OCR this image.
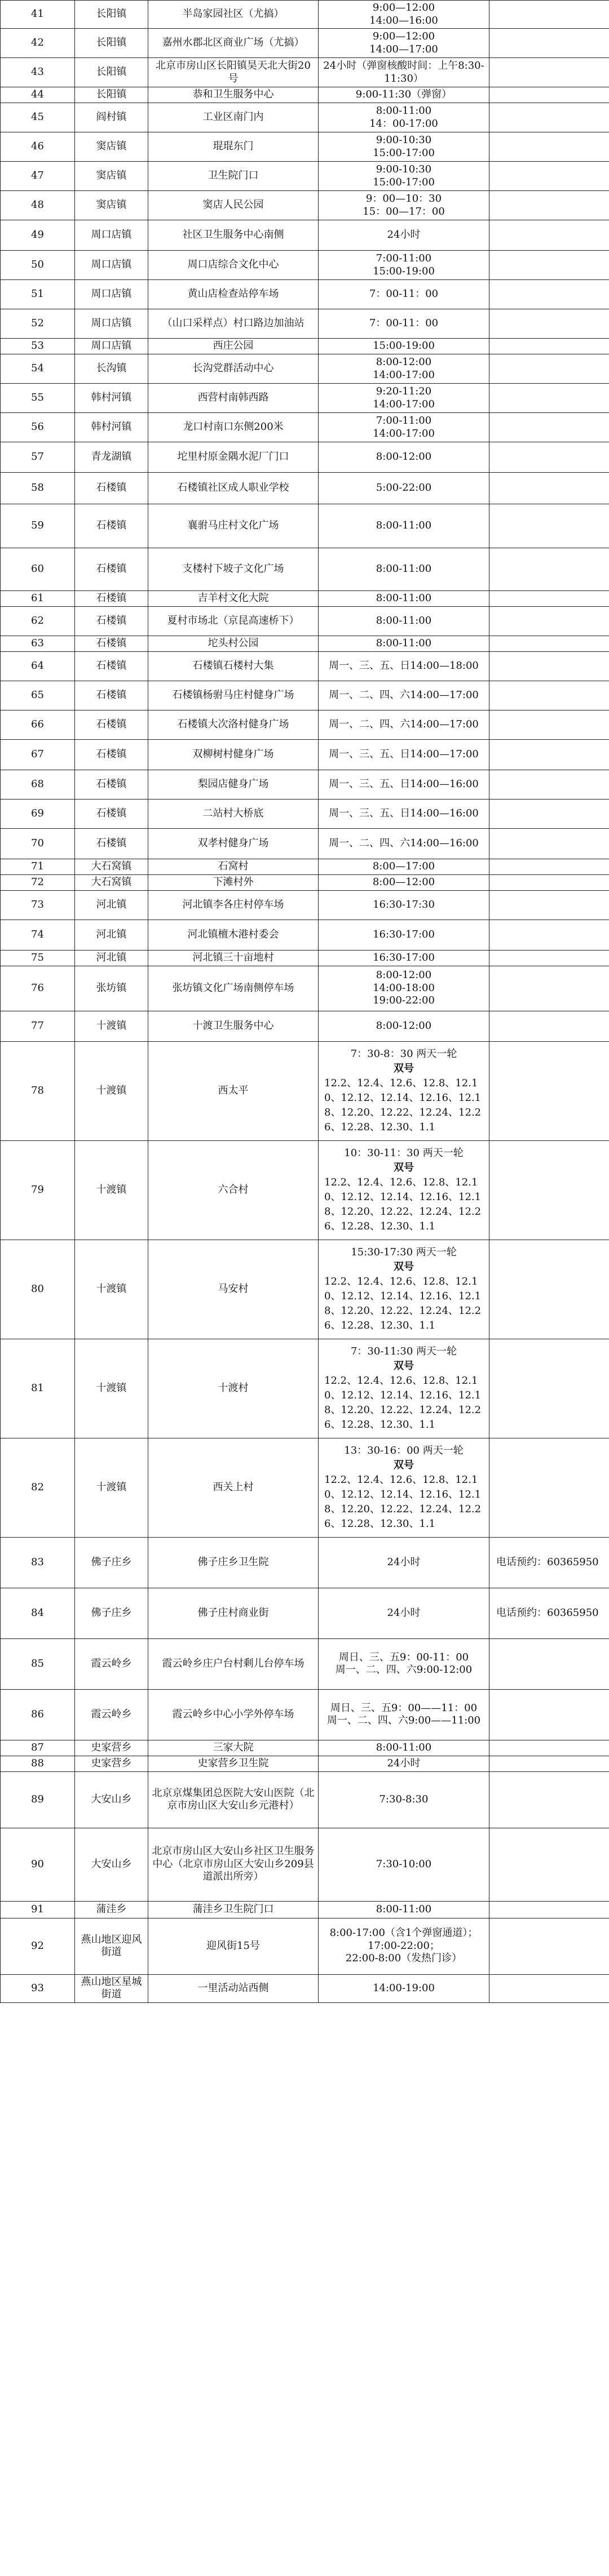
41	长阳镇	半岛家园社区（尤搞）	9:00—12:00
14:00—16:00	

42	长阳镇	嘉州水郡北区商业广场（尤搞）	9:00—12:00
14:00—17:00	

43	长阳镇	北京市房山区长阳镇昊天北大街20号	24小时（弹窗核酸时间：上午8:30-11:30）	

44	长阳镇	恭和卫生服务中心	9:00-11:30（弹窗）	

45	阎村镇	工业区南门内	8:00-11:00
14：00-17:00	

46	窦店镇	琨琨东门	9:00-10:30
15:00-17:00	

47	窦店镇	卫生院门口	9:00-10:30
15:00-17:00	

48	窦店镇	窦店人民公园	9：00—10：30
15：00—17：00	

49	周口店镇	社区卫生服务中心南侧	24小时	

50	周口店镇	周口店综合文化中心	7:00-11:00
15:00-19:00	

51	周口店镇	黄山店检查站停车场	7：00-11：00	

52	周口店镇	（山口采样点）村口路边加油站	7：00-11：00	

53	周口店镇	西庄公园	15:00-19:00	

54	长沟镇	长沟党群活动中心	8:00-12:00
14:00-17:00	

55	韩村河镇	西营村南韩西路	9:20-11:20
14:00-17:00	

56	韩村河镇	龙口村南口东侧200米	7:00-11:00
14:00-17:00	

57	青龙湖镇	坨里村原金隅水泥厂门口	8:00-12:00	

58	石楼镇	石楼镇社区成人职业学校	5:00-22:00	

59	石楼镇	襄驸马庄村文化广场	8:00-11:00	

60	石楼镇	支楼村下坡子文化广场	8:00-11:00	

61	石楼镇	吉羊村文化大院	8:00-11:00	

62	石楼镇	夏村市场北（京昆高速桥下）	8:00-11:00	

63	石楼镇	坨头村公园	8:00-11:00	

64	石楼镇	石楼镇石楼村大集	周一、三、五、日14:00—18:00	

65	石楼镇	石楼镇杨驸马庄村健身广场	周一、二、四、六14:00—17:00	

66	石楼镇	石楼镇大次洛村健身广场	周一、二、四、六14:00—17:00	

67	石楼镇	双柳树村健身广场	周一、三、五、日14:00—17:00	

68	石楼镇	梨园店健身广场	周一、三、五、日14:00—16:00	

69	石楼镇	二站村大桥底	周一、三、五、日14:00—16:00	

70	石楼镇	双孝村健身广场	周一、二、四、六14:00—16:00	

71	大石窝镇	石窝村	8:00—17:00	

72	大石窝镇	下滩村外	8:00—12:00	

73	河北镇	河北镇李各庄村停车场	16:30-17:30	

74	河北镇	河北镇檀木港村委会	16:30-17:00	

75	河北镇	河北镇三十亩地村	16:30-17:00	

76	张坊镇	张坊镇文化广场南侧停车场	8:00-12:00
14:00-18:00
19:00-22:00	

77	十渡镇	十渡卫生服务中心	8:00-12:00	

78	十渡镇	西太平	7：30-8：30 两天一轮
双号
12.2、12.4、12.6、12.8、12.10、12.12、12.14、12.16、12.18、12.20、12.22、12.24、12.26、12.28、12.30、1.1	

79	十渡镇	六合村	10：30-11：30 两天一轮
双号
12.2、12.4、12.6、12.8、12.10、12.12、12.14、12.16、12.18、12.20、12.22、12.24、12.26、12.28、12.30、1.1	

80	十渡镇	马安村	15:30-17:30 两天一轮
双号
12.2、12.4、12.6、12.8、12.10、12.12、12.14、12.16、12.18、12.20、12.22、12.24、12.26、12.28、12.30、1.1	

81	十渡镇	十渡村	7：30-11:30 两天一轮
双号
12.2、12.4、12.6、12.8、12.10、12.12、12.14、12.16、12.18、12.20、12.22、12.24、12.26、12.28、12.30、1.1	

82	十渡镇	西关上村	13：30-16：00 两天一轮
双号
12.2、12.4、12.6、12.8、12.10、12.12、12.14、12.16、12.18、12.20、12.22、12.24、12.26、12.28、12.30、1.1	

83	佛子庄乡	佛子庄乡卫生院	24小时	电话预约：60365950
84	佛子庄乡	佛子庄村商业街	24小时	电话预约：60365950
85	霞云岭乡	霞云岭乡庄户台村剩儿台停车场	周日、三、五9：00-11：00
周一、二、四、六9:00-12:00	

86	霞云岭乡	霞云岭乡中心小学外停车场	周日、三、五9：00——11：00
周一、二、四、六9:00——11:00	

87	史家营乡	三家大院	8:00-11:00	

88	史家营乡	史家营乡卫生院	24小时	

89	大安山乡	北京京煤集团总医院大安山医院（北京市房山区大安山乡元港村）	7:30-8:30	

90	大安山乡	北京市房山区大安山乡社区卫生服务中心（北京市房山区大安山乡209县道派出所旁）	7:30-10:00	

91	蒲洼乡	蒲洼乡卫生院门口	8:00-11:00	

92	燕山地区迎风街道	迎风街15号	8:00-17:00（含1个弹窗通道）；
17:00-22:00；
22:00-8:00（发热门诊）	

93	燕山地区星城街道	一里活动站西侧	14:00-19:00	
